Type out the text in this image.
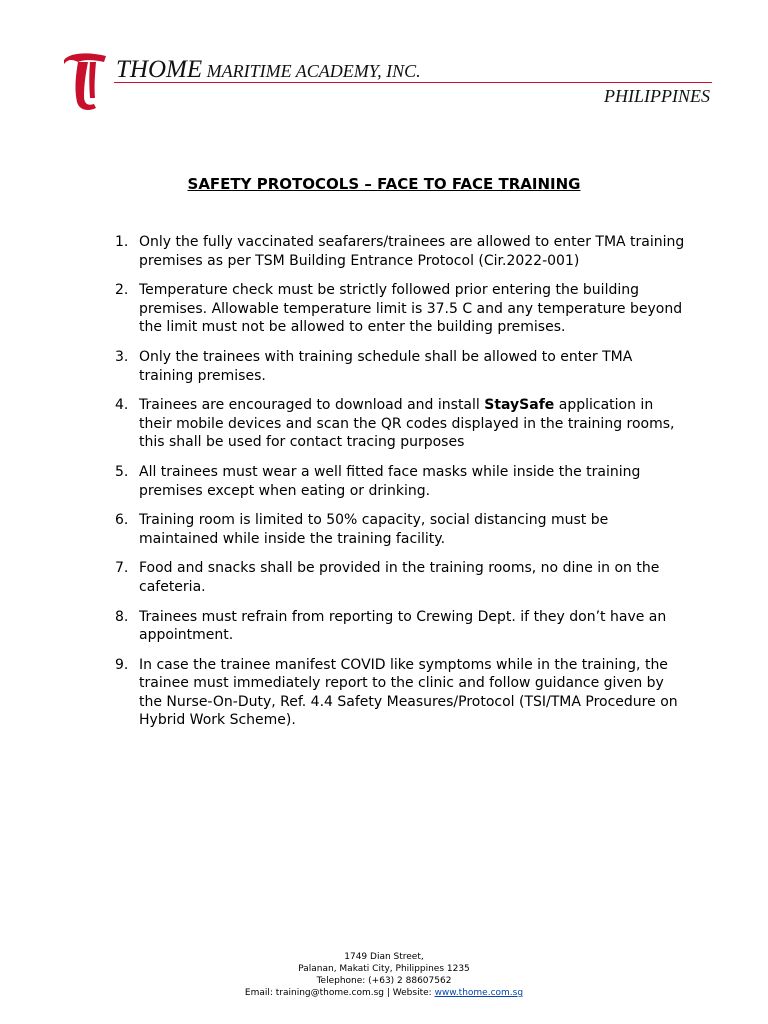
THOME MARITIME ACADEMY, INC.
PHILIPPINES
SAFETY PROTOCOLS – FACE TO FACE TRAINING
1. Only the fully vaccinated seafarers/trainees are allowed to enter TMA training premises as per TSM Building Entrance Protocol (Cir.2022-001)
2. Temperature check must be strictly followed prior entering the building premises. Allowable temperature limit is 37.5 C and any temperature beyond the limit must not be allowed to enter the building premises.
3. Only the trainees with training schedule shall be allowed to enter TMA training premises.
4. Trainees are encouraged to download and install StaySafe application in their mobile devices and scan the QR codes displayed in the training rooms, this shall be used for contact tracing purposes
5. All trainees must wear a well fitted face masks while inside the training premises except when eating or drinking.
6. Training room is limited to 50% capacity, social distancing must be maintained while inside the training facility.
7. Food and snacks shall be provided in the training rooms, no dine in on the cafeteria.
8. Trainees must refrain from reporting to Crewing Dept. if they don’t have an appointment.
9. In case the trainee manifest COVID like symptoms while in the training, the trainee must immediately report to the clinic and follow guidance given by the Nurse-On-Duty, Ref. 4.4 Safety Measures/Protocol (TSI/TMA Procedure on Hybrid Work Scheme).
1749 Dian Street,
Palanan, Makati City, Philippines 1235
Telephone: (+63) 2 88607562
Email: training@thome.com.sg | Website: www.thome.com.sg
